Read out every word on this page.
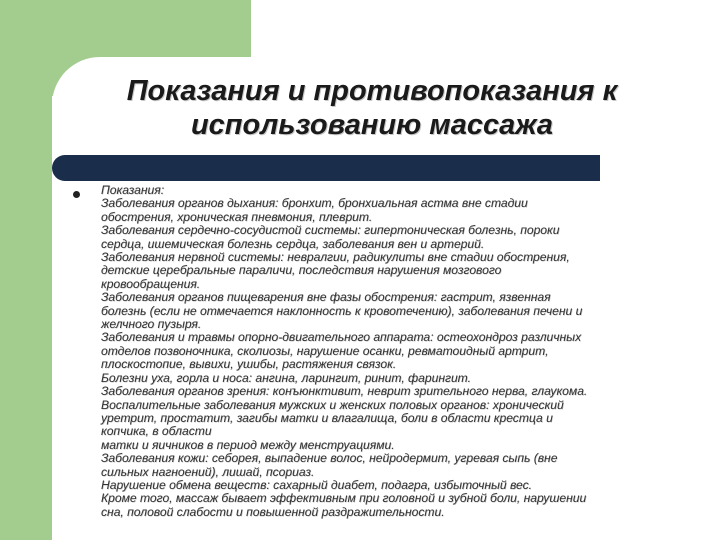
Показания и противопоказания к
использованию массажа
Показания:
Заболевания органов дыхания: бронхит, бронхиальная астма вне стадии
обострения, хроническая пневмония, плеврит.
Заболевания сердечно-сосудистой системы: гипертоническая болезнь, пороки
сердца, ишемическая болезнь сердца, заболевания вен и артерий.
Заболевания нервной системы: невралгии, радикулиты вне стадии обострения,
детские церебральные параличи, последствия нарушения мозгового
кровообращения.
Заболевания органов пищеварения вне фазы обострения: гастрит, язвенная
болезнь (если не отмечается наклонность к кровотечению), заболевания печени и
желчного пузыря.
Заболевания и травмы опорно-двигательного аппарата: остеохондроз различных
отделов позвоночника, сколиозы, нарушение осанки, ревматоидный артрит,
плоскостопие, вывихи, ушибы, растяжения связок.
Болезни уха, горла и носа: ангина, ларингит, ринит, фарингит.
Заболевания органов зрения: конъюнктивит, неврит зрительного нерва, глаукома.
Воспалительные заболевания мужских и женских половых органов: хронический
уретрит, простатит, загибы матки и влагалища, боли в области крестца и
копчика, в области
матки и яичников в период между менструациями.
Заболевания кожи: себорея, выпадение волос, нейродермит, угревая сыпь (вне
сильных нагноений), лишай, псориаз.
Нарушение обмена веществ: сахарный диабет, подагра, избыточный вес.
Кроме того, массаж бывает эффективным при головной и зубной боли, нарушении
сна, половой слабости и повышенной раздражительности.
